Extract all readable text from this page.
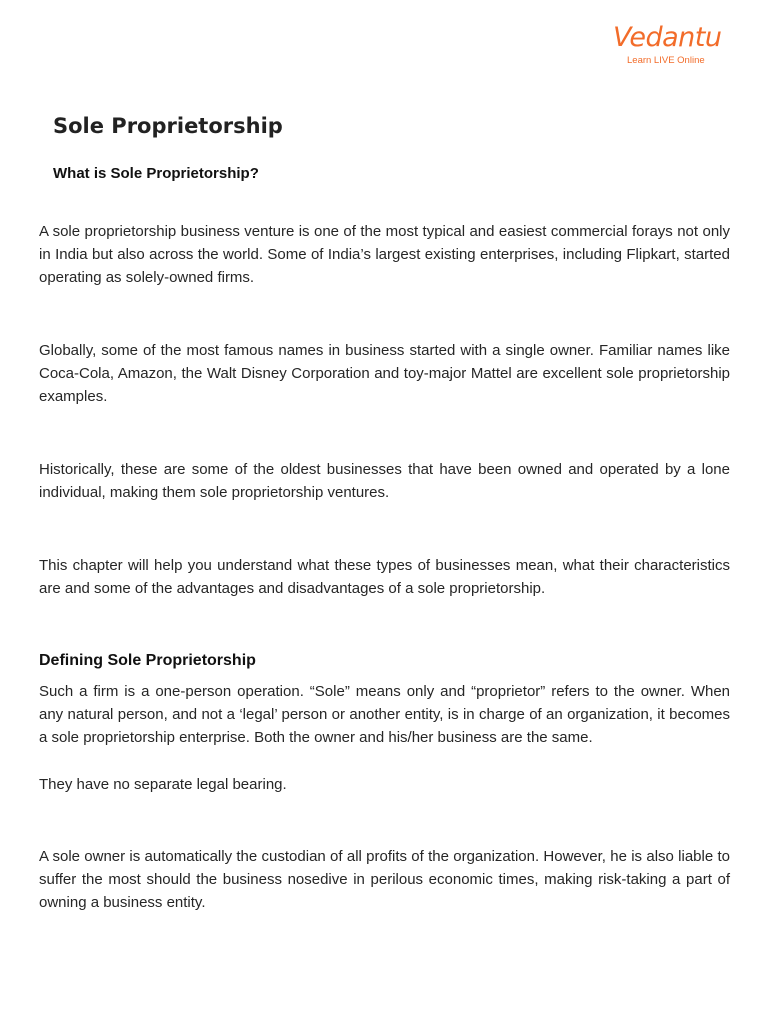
Vedantu
Learn LIVE Online
Sole Proprietorship
What is Sole Proprietorship?

A sole proprietorship business venture is one of the most typical and easiest commercial forays not only in India but also across the world. Some of India’s largest existing enterprises, including Flipkart, started operating as solely-owned firms.

Globally, some of the most famous names in business started with a single owner. Familiar names like Coca-Cola, Amazon, the Walt Disney Corporation and toy-major Mattel are excellent sole proprietorship examples.

Historically, these are some of the oldest businesses that have been owned and operated by a lone individual, making them sole proprietorship ventures.

This chapter will help you understand what these types of businesses mean, what their characteristics are and some of the advantages and disadvantages of a sole proprietorship.

Defining Sole Proprietorship

Such a firm is a one-person operation. “Sole” means only and “proprietor” refers to the owner. When any natural person, and not a ‘legal’ person or another entity, is in charge of an organization, it becomes a sole proprietorship enterprise. Both the owner and his/her business are the same.

They have no separate legal bearing.

A sole owner is automatically the custodian of all profits of the organization. However, he is also liable to suffer the most should the business nosedive in perilous economic times, making risk-taking a part of owning a business entity.
